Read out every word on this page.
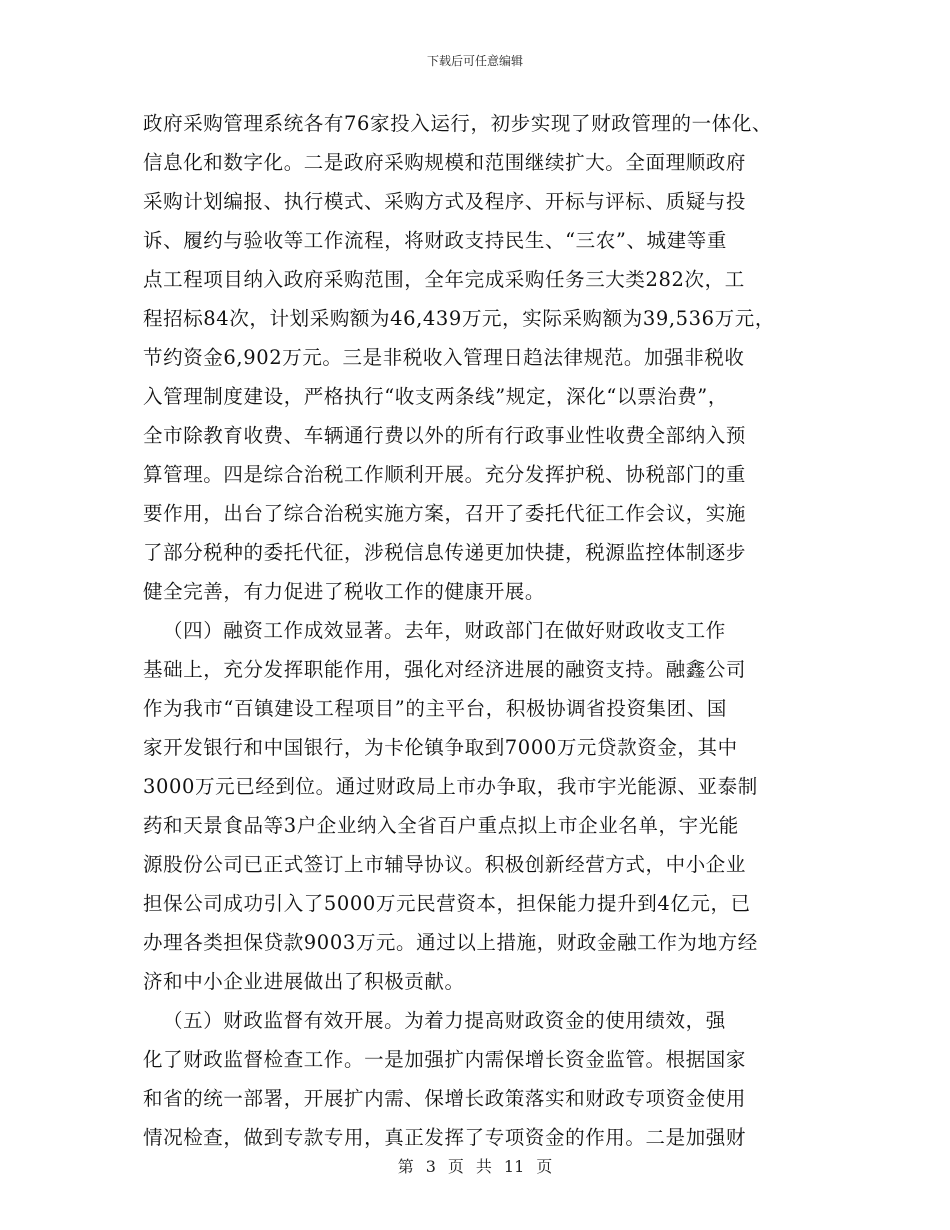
下载后可任意编辑
政府采购管理系统各有76家投入运行，初步实现了财政管理的一体化、
信息化和数字化。二是政府采购规模和范围继续扩大。全面理顺政府
采购计划编报、执行模式、采购方式及程序、开标与评标、质疑与投
诉、履约与验收等工作流程，将财政支持民生、“三农”、城建等重
点工程项目纳入政府采购范围，全年完成采购任务三大类282次，工
程招标84次，计划采购额为46,439万元，实际采购额为39,536万元，
节约资金6,902万元。三是非税收入管理日趋法律规范。加强非税收
入管理制度建设，严格执行“收支两条线”规定，深化“以票治费”，
全市除教育收费、车辆通行费以外的所有行政事业性收费全部纳入预
算管理。四是综合治税工作顺利开展。充分发挥护税、协税部门的重
要作用，出台了综合治税实施方案，召开了委托代征工作会议，实施
了部分税种的委托代征，涉税信息传递更加快捷，税源监控体制逐步
健全完善，有力促进了税收工作的健康开展。
（四）融资工作成效显著。去年，财政部门在做好财政收支工作
基础上，充分发挥职能作用，强化对经济进展的融资支持。融鑫公司
作为我市“百镇建设工程项目”的主平台，积极协调省投资集团、国
家开发银行和中国银行，为卡伦镇争取到7000万元贷款资金，其中
3000万元已经到位。通过财政局上市办争取，我市宇光能源、亚泰制
药和天景食品等3户企业纳入全省百户重点拟上市企业名单，宇光能
源股份公司已正式签订上市辅导协议。积极创新经营方式，中小企业
担保公司成功引入了5000万元民营资本，担保能力提升到4亿元，已
办理各类担保贷款9003万元。通过以上措施，财政金融工作为地方经
济和中小企业进展做出了积极贡献。
（五）财政监督有效开展。为着力提高财政资金的使用绩效，强
化了财政监督检查工作。一是加强扩内需保增长资金监管。根据国家
和省的统一部署，开展扩内需、保增长政策落实和财政专项资金使用
情况检查，做到专款专用，真正发挥了专项资金的作用。二是加强财
第 3 页 共 11 页
